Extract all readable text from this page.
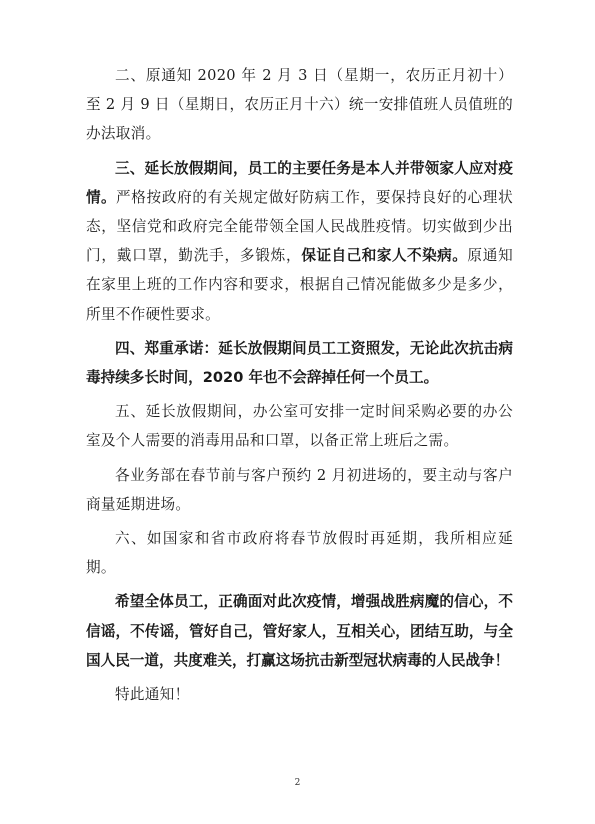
二、原通知 2020 年 2 月 3 日（星期一，农历正月初十）至 2 月 9 日（星期日，农历正月十六）统一安排值班人员值班的办法取消。

三、延长放假期间，员工的主要任务是本人并带领家人应对疫情。严格按政府的有关规定做好防病工作，要保持良好的心理状态，坚信党和政府完全能带领全国人民战胜疫情。切实做到少出门，戴口罩，勤洗手，多锻炼，保证自己和家人不染病。原通知在家里上班的工作内容和要求，根据自己情况能做多少是多少，所里不作硬性要求。

四、郑重承诺：延长放假期间员工工资照发，无论此次抗击病毒持续多长时间，2020 年也不会辞掉任何一个员工。

五、延长放假期间，办公室可安排一定时间采购必要的办公室及个人需要的消毒用品和口罩，以备正常上班后之需。

各业务部在春节前与客户预约 2 月初进场的，要主动与客户商量延期进场。

六、如国家和省市政府将春节放假时再延期，我所相应延期。

希望全体员工，正确面对此次疫情，增强战胜病魔的信心，不信谣，不传谣，管好自己，管好家人，互相关心，团结互助，与全国人民一道，共度难关，打赢这场抗击新型冠状病毒的人民战争！

特此通知！

2
